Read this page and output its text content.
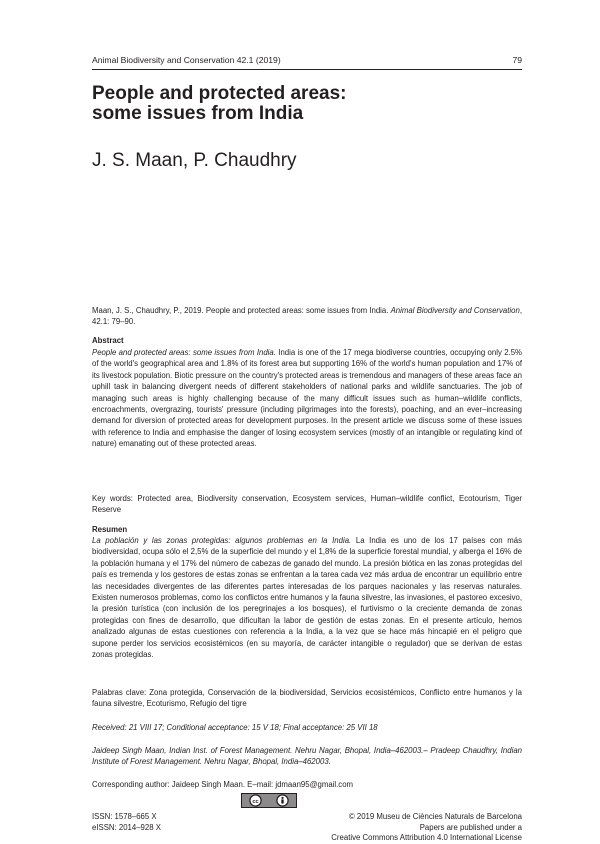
Animal Biodiversity and Conservation 42.1 (2019)	79
People and protected areas:
some issues from India
J. S. Maan, P. Chaudhry

Maan, J. S., Chaudhry, P., 2019. People and protected areas: some issues from India. Animal Biodiversity and Conservation, 42.1: 79–90.

Abstract

People and protected areas: some issues from India. India is one of the 17 mega biodiverse countries, occupying only 2.5% of the world's geographical area and 1.8% of its forest area but supporting 16% of the world's human population and 17% of its livestock population. Biotic pressure on the country's protected areas is tremendous and managers of these areas face an uphill task in balancing divergent needs of different stakeholders of national parks and wildlife sanctuaries. The job of managing such areas is highly challenging because of the many difficult issues such as human–wildlife conflicts, encroachments, overgrazing, tourists' pressure (including pilgrimages into the forests), poaching, and an ever–increasing demand for diversion of protected areas for development purposes. In the present article we discuss some of these issues with reference to India and emphasise the danger of losing ecosystem services (mostly of an intangible or regulating kind of nature) emanating out of these protected areas.

Key words: Protected area, Biodiversity conservation, Ecosystem services, Human–wildlife conflict, Ecotourism, Tiger Reserve

Resumen

La población y las zonas protegidas: algunos problemas en la India. La India es uno de los 17 países con más biodiversidad, ocupa sólo el 2,5% de la superficie del mundo y el 1,8% de la superficie forestal mundial, y alberga el 16% de la población humana y el 17% del número de cabezas de ganado del mundo. La presión biótica en las zonas protegidas del país es tremenda y los gestores de estas zonas se enfrentan a la tarea cada vez más ardua de encontrar un equilibrio entre las necesidades divergentes de las diferentes partes interesadas de los parques nacionales y las reservas naturales. Existen numerosos problemas, como los conflictos entre humanos y la fauna silvestre, las invasiones, el pastoreo excesivo, la presión turística (con inclusión de los peregrinajes a los bosques), el furtivismo o la creciente demanda de zonas protegidas con fines de desarrollo, que dificultan la labor de gestión de estas zonas. En el presente artículo, hemos analizado algunas de estas cuestiones con referencia a la India, a la vez que se hace más hincapié en el peligro que supone perder los servicios ecosistémicos (en su mayoría, de carácter intangible o regulador) que se derivan de estas zonas protegidas.

Palabras clave: Zona protegida, Conservación de la biodiversidad, Servicios ecosistémicos, Conflicto entre humanos y la fauna silvestre, Ecoturismo, Refugio del tigre

Received: 21 VIII 17; Conditional acceptance: 15 V 18; Final acceptance: 25 VII 18

Jaideep Singh Maan, Indian Inst. of Forest Management. Nehru Nagar, Bhopal, India–462003.– Pradeep Chaudhry, Indian Institute of Forest Management. Nehru Nagar, Bhopal, India–462003.

Corresponding author: Jaideep Singh Maan. E–mail: jdmaan95@gmail.com

ISSN: 1578–665 X
eISSN: 2014–928 X
cc
© 2019 Museu de Ciències Naturals de Barcelona
Papers are published under a
Creative Commons Attribution 4.0 International License
